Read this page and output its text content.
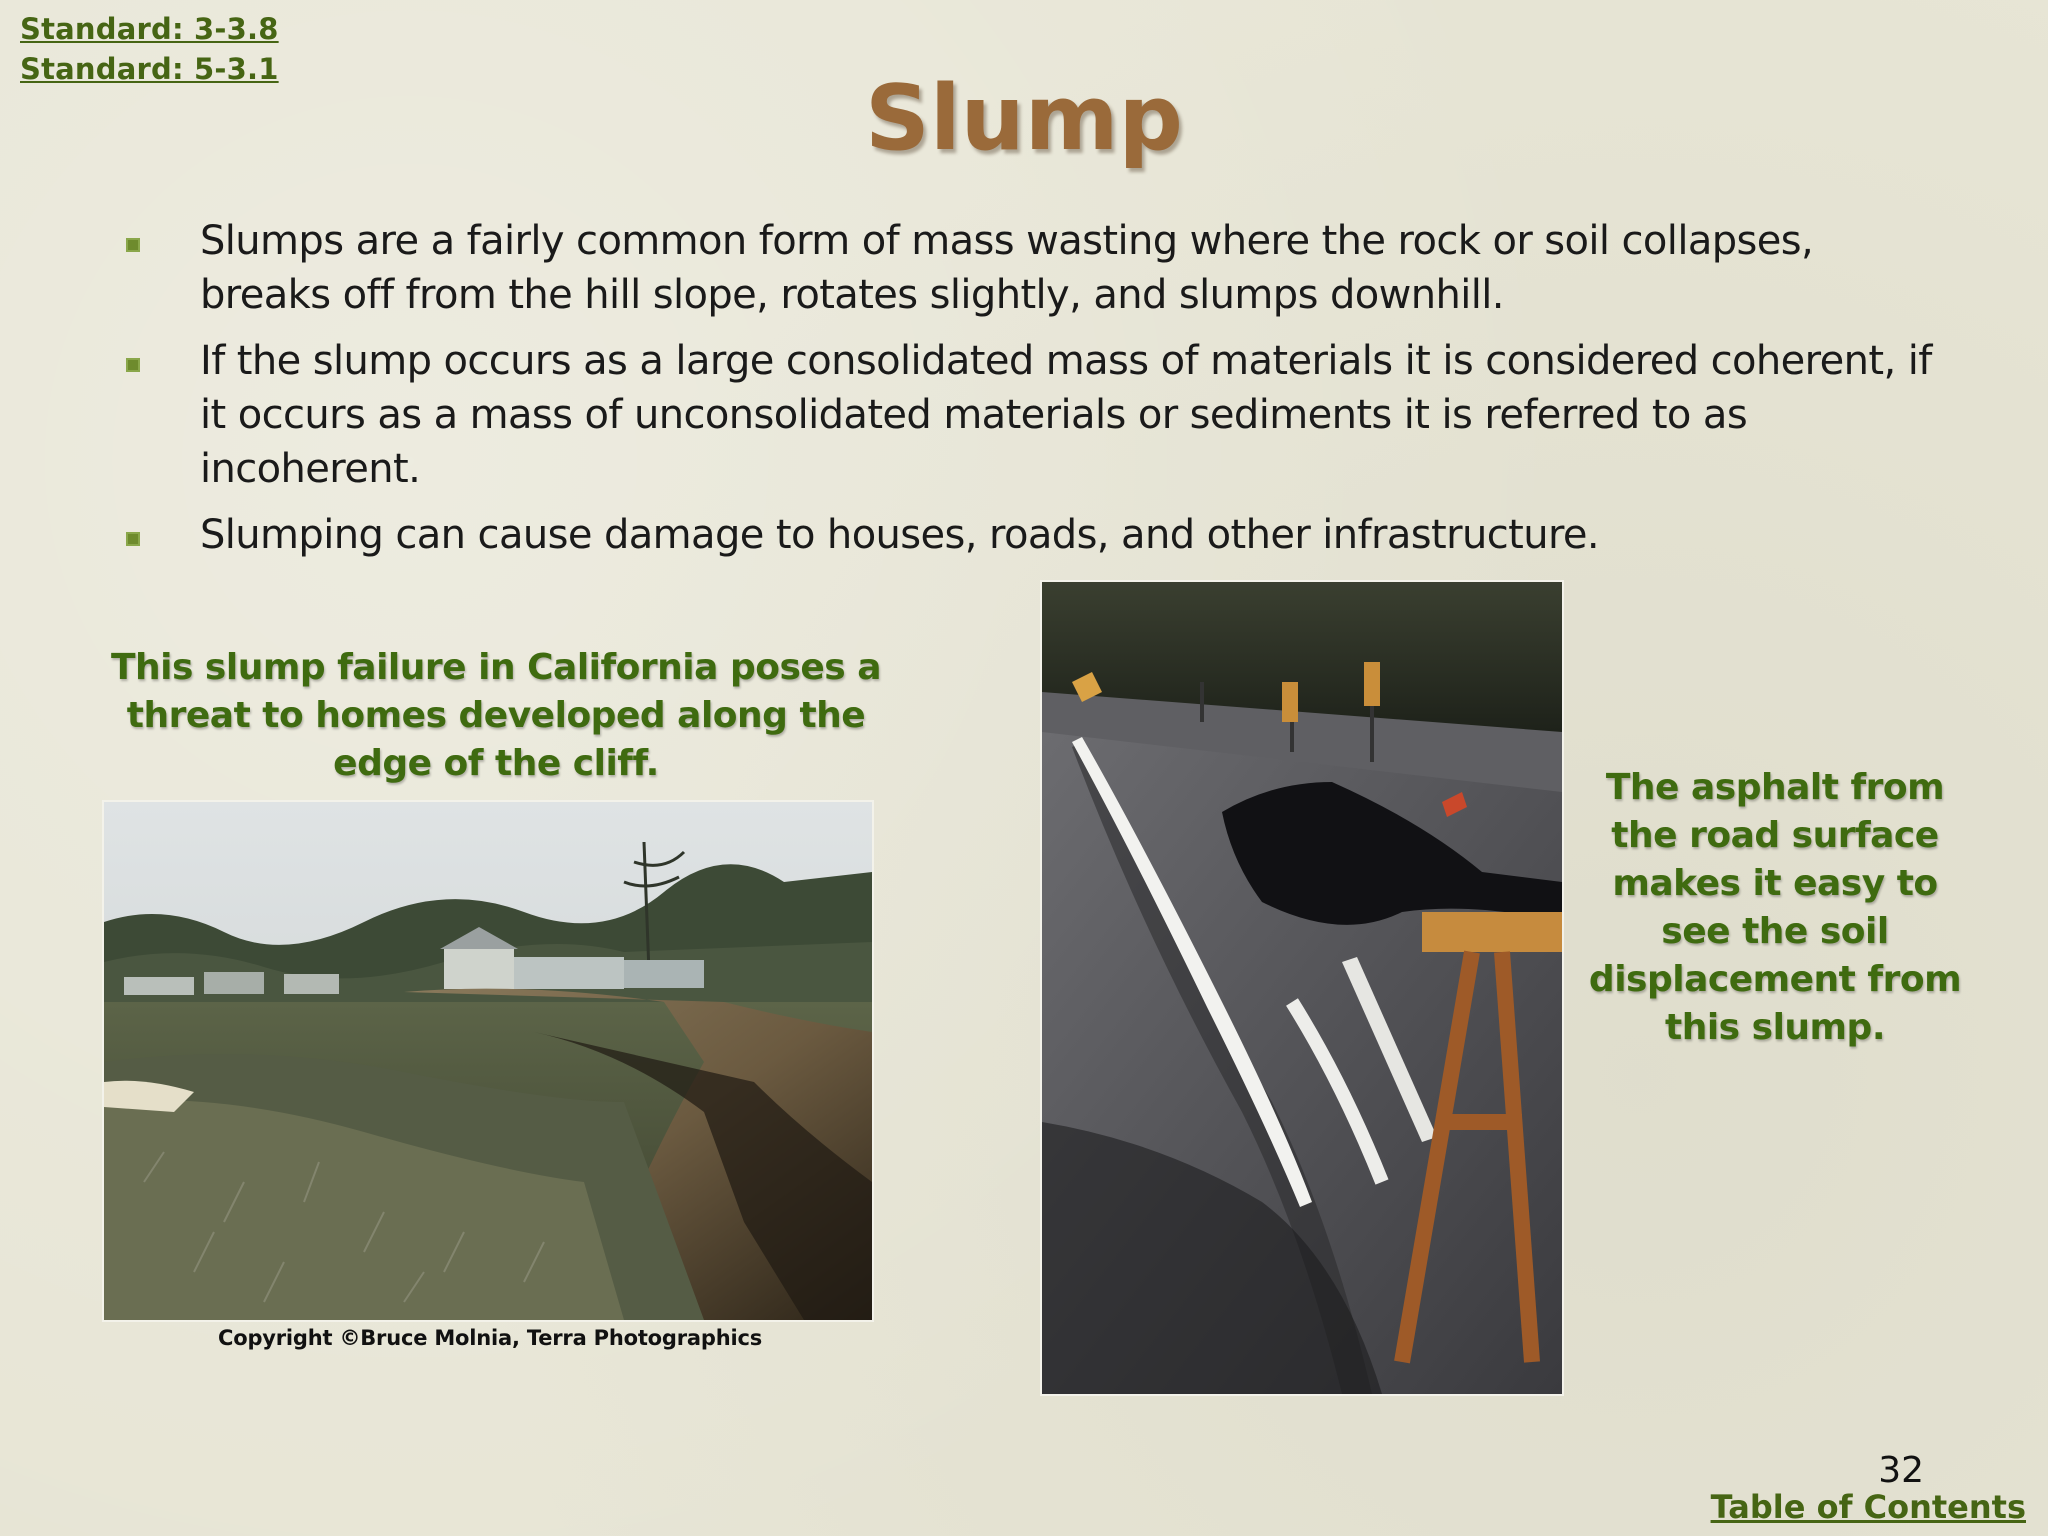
Standard: 3-3.8
Standard: 5-3.1	Slump
Slumps are a fairly common form of mass wasting where the rock or soil collapses, breaks off from the hill slope, rotates slightly, and slumps downhill.
If the slump occurs as a large consolidated mass of materials it is considered coherent, if it occurs as a mass of unconsolidated materials or sediments it is referred to as incoherent.
Slumping can cause damage to houses, roads, and other infrastructure.
This slump failure in California poses a threat to homes developed along the edge of the cliff.
Copyright ©Bruce Molnia, Terra Photographics
The asphalt from the road surface makes it easy to see the soil displacement from this slump.
32
Table of Contents
